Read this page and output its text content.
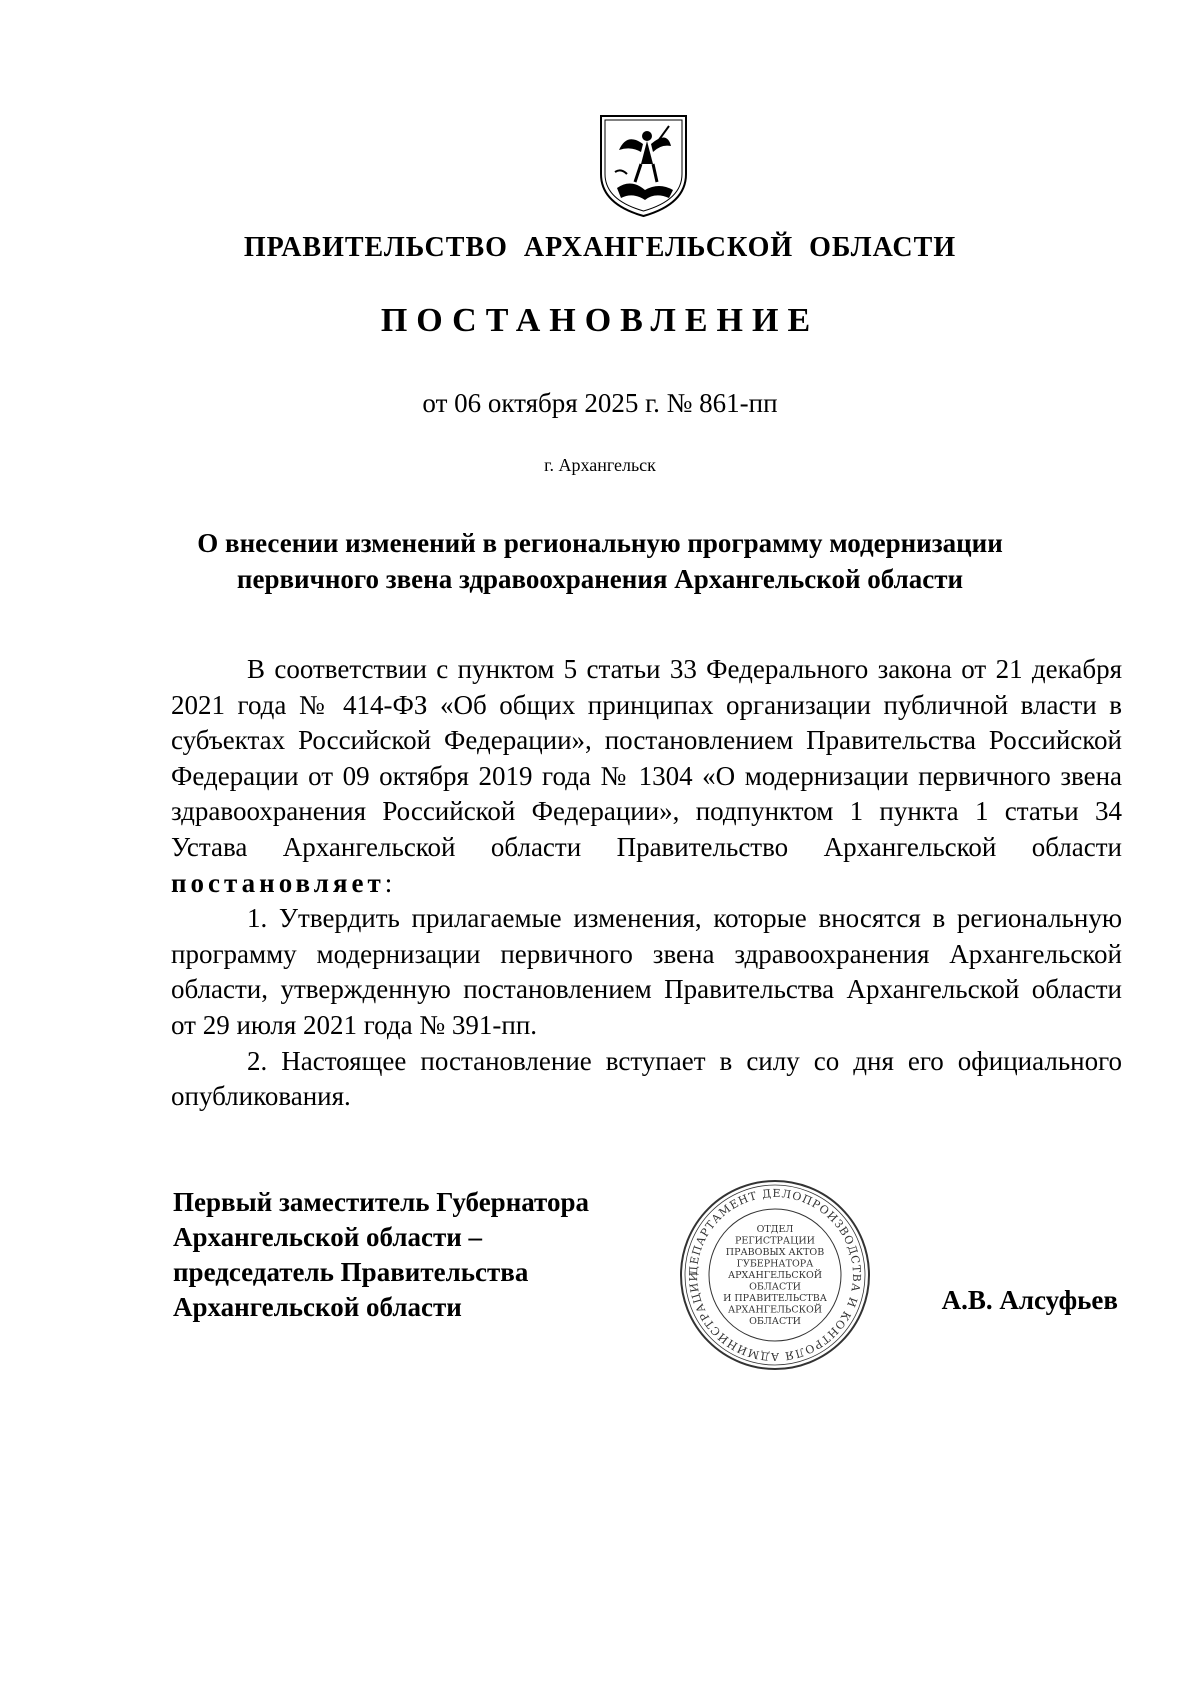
ПРАВИТЕЛЬСТВО АРХАНГЕЛЬСКОЙ ОБЛАСТИ
ПОСТАНОВЛЕНИЕ
от 06 октября 2025 г. № 861-пп
г. Архангельск
О внесении изменений в региональную программу модернизации
первичного звена здравоохранения Архангельской области

В соответствии с пунктом 5 статьи 33 Федерального закона от 21 декабря 2021 года № 414-ФЗ «Об общих принципах организации публичной власти в субъектах Российской Федерации», постановлением Правительства Российской Федерации от 09 октября 2019 года № 1304 «О модернизации первичного звена здравоохранения Российской Федерации», подпунктом 1 пункта 1 статьи 34 Устава Архангельской области Правительство Архангельской области постановляет:

1. Утвердить прилагаемые изменения, которые вносятся в региональную программу модернизации первичного звена здравоохранения Архангельской области, утвержденную постановлением Правительства Архангельской области от 29 июля 2021 года № 391-пп.

2. Настоящее постановление вступает в силу со дня его официального опубликования.

Первый заместитель Губернатора
Архангельской области –
председатель Правительства
Архангельской области
ДЕПАРТАМЕНТ ДЕЛОПРОИЗВОДСТВА И КОНТРОЛЯ АДМИНИСТРАЦИИ
ОТДЕЛ
РЕГИСТРАЦИИ
ПРАВОВЫХ АКТОВ
ГУБЕРНАТОРА
АРХАНГЕЛЬСКОЙ
ОБЛАСТИ
И ПРАВИТЕЛЬСТВА
АРХАНГЕЛЬСКОЙ
ОБЛАСТИ
А.В. Алсуфьев
